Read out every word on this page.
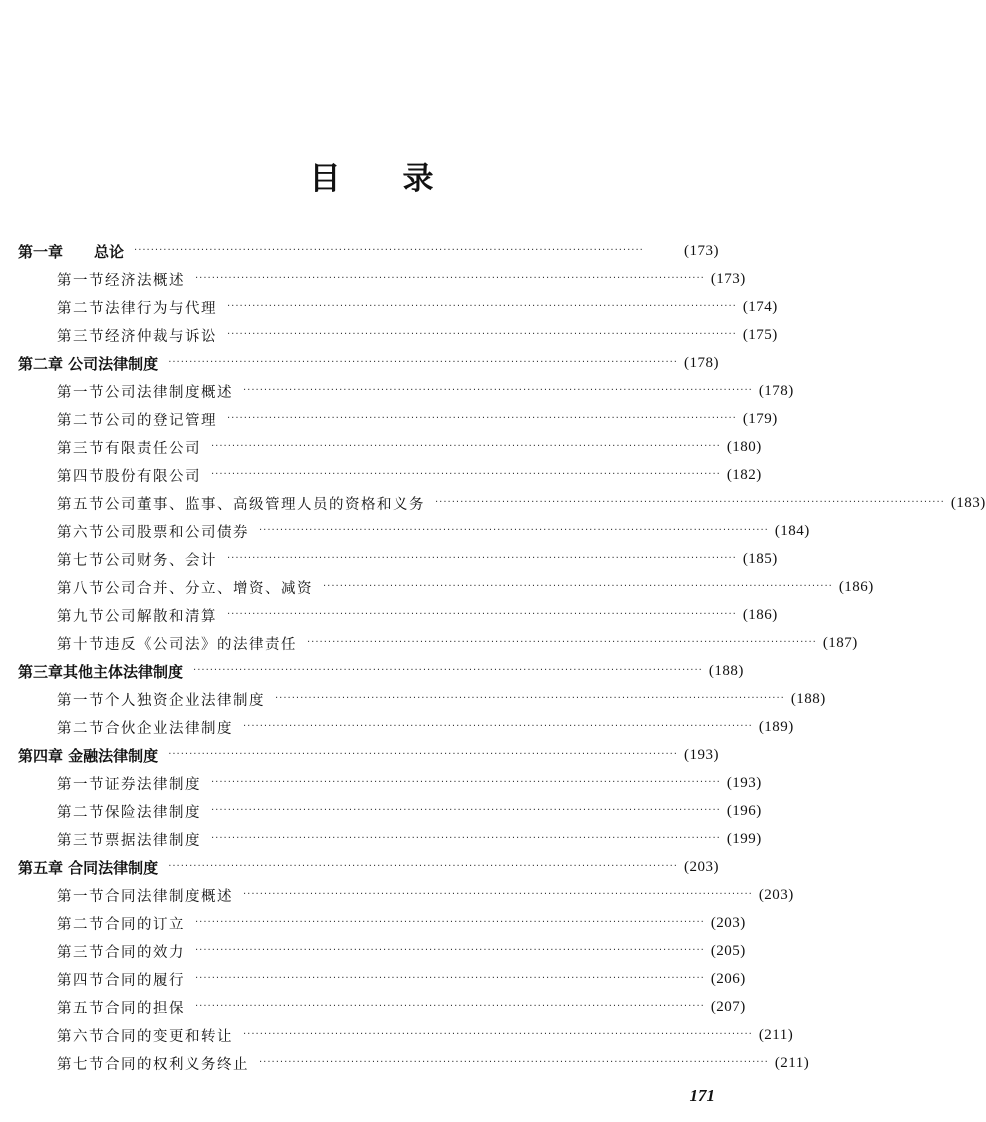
目 录
第一章	总论 ··························································································································	(173)
第一节 经济法概述 ·························································································································· (173)
第二节 法律行为与代理 ·························································································································· (174)
第三节 经济仲裁与诉讼 ·························································································································· (175)
第二章 公司法律制度 ·························································································································· (178)
第一节 公司法律制度概述 ·························································································································· (178)
第二节 公司的登记管理 ·························································································································· (179)
第三节 有限责任公司 ·························································································································· (180)
第四节 股份有限公司 ·························································································································· (182)
第五节 公司董事、监事、高级管理人员的资格和义务 ·························································································································· (183)
第六节 公司股票和公司债券 ·························································································································· (184)
第七节 公司财务、会计 ·························································································································· (185)
第八节 公司合并、分立、增资、减资 ·························································································································· (186)
第九节 公司解散和清算 ·························································································································· (186)
第十节 违反《公司法》的法律责任 ·························································································································· (187)
第三章 其他主体法律制度 ·························································································································· (188)
第一节 个人独资企业法律制度 ·························································································································· (188)
第二节 合伙企业法律制度 ·························································································································· (189)
第四章 金融法律制度 ·························································································································· (193)
第一节 证券法律制度 ·························································································································· (193)
第二节 保险法律制度 ·························································································································· (196)
第三节 票据法律制度 ·························································································································· (199)
第五章 合同法律制度 ·························································································································· (203)
第一节 合同法律制度概述 ·························································································································· (203)
第二节 合同的订立 ·························································································································· (203)
第三节 合同的效力 ·························································································································· (205)
第四节 合同的履行 ·························································································································· (206)
第五节 合同的担保 ·························································································································· (207)
第六节 合同的变更和转让 ·························································································································· (211)
第七节 合同的权利义务终止 ·························································································································· (211)
171
